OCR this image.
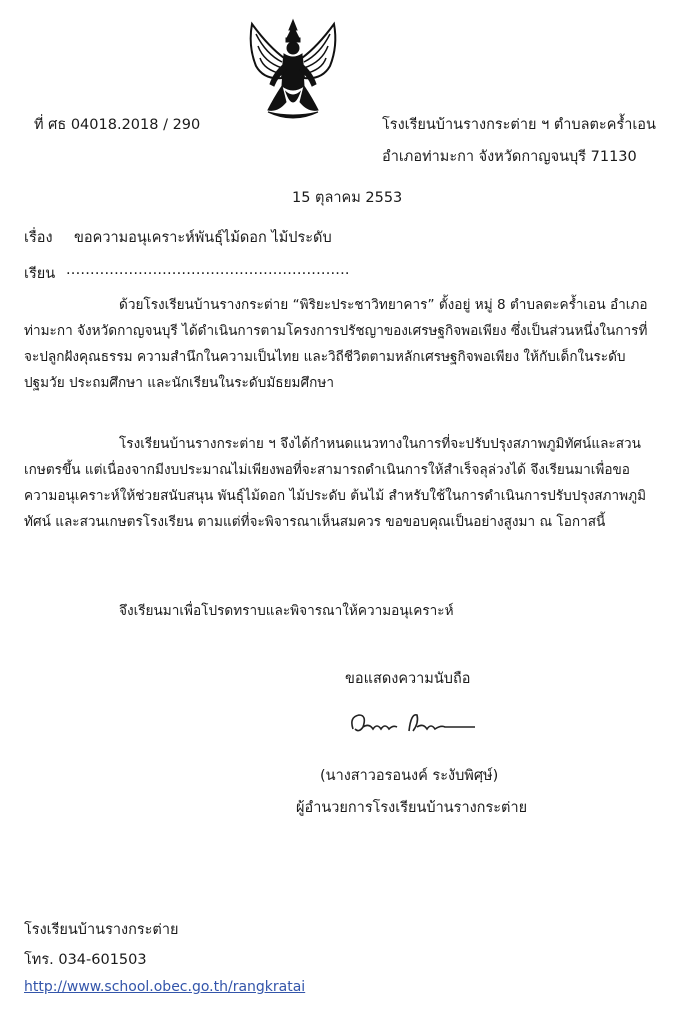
ที่ ศธ 04018.2018 / 290	โรงเรียนบ้านรางกระต่าย ฯ ตำบลตะคร้ำเอน
อำเภอท่ามะกา จังหวัดกาญจนบุรี 71130
15 ตุลาคม 2553
เรื่อง ขอความอนุเคราะห์พันธุ์ไม้ดอก ไม้ประดับ
เรียน ...........................................................
ด้วยโรงเรียนบ้านรางกระต่าย “พิริยะประชาวิทยาคาร” ตั้งอยู่ หมู่ 8 ตำบลตะคร้ำเอน อำเภอท่ามะกา จังหวัดกาญจนบุรี ได้ดำเนินการตามโครงการปรัชญาของเศรษฐกิจพอเพียง ซึ่งเป็นส่วนหนึ่งในการที่จะปลูกฝังคุณธรรม ความสำนึกในความเป็นไทย และวิถีชีวิตตามหลักเศรษฐกิจพอเพียง ให้กับเด็กในระดับปฐมวัย ประถมศึกษา และนักเรียนในระดับมัธยมศึกษา
โรงเรียนบ้านรางกระต่าย ฯ จึงได้กำหนดแนวทางในการที่จะปรับปรุงสภาพภูมิทัศน์และสวนเกษตรขึ้น แต่เนื่องจากมีงบประมาณไม่เพียงพอที่จะสามารถดำเนินการให้สำเร็จลุล่วงได้ จึงเรียนมาเพื่อขอความอนุเคราะห์ให้ช่วยสนับสนุน พันธุ์ไม้ดอก ไม้ประดับ ต้นไม้ สำหรับใช้ในการดำเนินการปรับปรุงสภาพภูมิทัศน์ และสวนเกษตรโรงเรียน ตามแต่ที่จะพิจารณาเห็นสมควร ขอขอบคุณเป็นอย่างสูงมา ณ โอกาสนี้
จึงเรียนมาเพื่อโปรดทราบและพิจารณาให้ความอนุเคราะห์
ขอแสดงความนับถือ
(นางสาวอรอนงค์ ระงับพิศฺษ์)
ผู้อำนวยการโรงเรียนบ้านรางกระต่าย
โรงเรียนบ้านรางกระต่าย
โทร. 034-601503
http://www.school.obec.go.th/rangkratai
